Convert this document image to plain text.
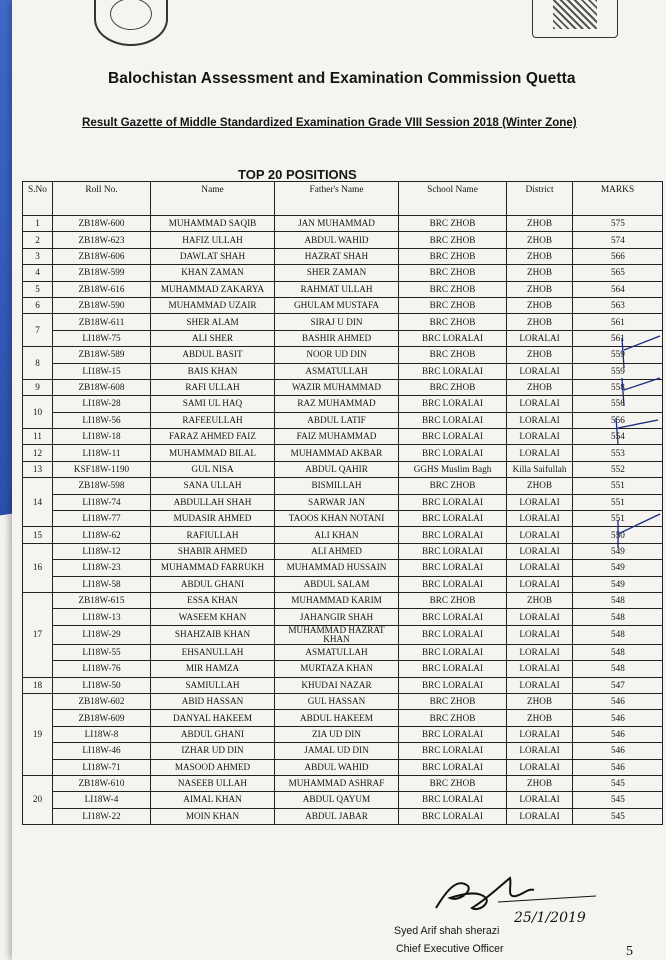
Balochistan Assessment and Examination Commission Quetta
Result Gazette of Middle Standardized Examination Grade VIII Session 2018 (Winter Zone)
TOP 20 POSITIONS
S.No	Roll No.	Name	Father's Name	School Name	District	MARKS
1	ZB18W-600	MUHAMMAD SAQIB	JAN MUHAMMAD	BRC ZHOB	ZHOB	575
2	ZB18W-623	HAFIZ ULLAH	ABDUL WAHID	BRC ZHOB	ZHOB	574
3	ZB18W-606	DAWLAT SHAH	HAZRAT SHAH	BRC ZHOB	ZHOB	566
4	ZB18W-599	KHAN ZAMAN	SHER ZAMAN	BRC ZHOB	ZHOB	565
5	ZB18W-616	MUHAMMAD ZAKARYA	RAHMAT ULLAH	BRC ZHOB	ZHOB	564
6	ZB18W-590	MUHAMMAD UZAIR	GHULAM MUSTAFA	BRC ZHOB	ZHOB	563
7	ZB18W-611	SHER ALAM	SIRAJ U DIN	BRC ZHOB	ZHOB	561
	LI18W-75	ALI SHER	BASHIR AHMED	BRC LORALAI	LORALAI	561
8	ZB18W-589	ABDUL BASIT	NOOR UD DIN	BRC ZHOB	ZHOB	559
	LI18W-15	BAIS KHAN	ASMATULLAH	BRC LORALAI	LORALAI	559
9	ZB18W-608	RAFI ULLAH	WAZIR MUHAMMAD	BRC ZHOB	ZHOB	558
10	LI18W-28	SAMI UL HAQ	RAZ MUHAMMAD	BRC LORALAI	LORALAI	556
	LI18W-56	RAFEEULLAH	ABDUL LATIF	BRC LORALAI	LORALAI	556
11	LI18W-18	FARAZ AHMED FAIZ	FAIZ MUHAMMAD	BRC LORALAI	LORALAI	554
12	LI18W-11	MUHAMMAD BILAL	MUHAMMAD AKBAR	BRC LORALAI	LORALAI	553
13	KSF18W-1190	GUL NISA	ABDUL QAHIR	GGHS Muslim Bagh	Killa Saifullah	552
14	ZB18W-598	SANA ULLAH	BISMILLAH	BRC ZHOB	ZHOB	551
	LI18W-74	ABDULLAH SHAH	SARWAR JAN	BRC LORALAI	LORALAI	551
	LI18W-77	MUDASIR AHMED	TAOOS KHAN NOTANI	BRC LORALAI	LORALAI	551
15	LI18W-62	RAFIULLAH	ALI KHAN	BRC LORALAI	LORALAI	550
16	LI18W-12	SHABIR AHMED	ALI AHMED	BRC LORALAI	LORALAI	549
	LI18W-23	MUHAMMAD FARRUKH	MUHAMMAD HUSSAIN	BRC LORALAI	LORALAI	549
	LI18W-58	ABDUL GHANI	ABDUL SALAM	BRC LORALAI	LORALAI	549
17	ZB18W-615	ESSA KHAN	MUHAMMAD KARIM	BRC ZHOB	ZHOB	548
	LI18W-13	WASEEM KHAN	JAHANGIR SHAH	BRC LORALAI	LORALAI	548
	LI18W-29	SHAHZAIB KHAN	MUHAMMAD HAZRAT KHAN	BRC LORALAI	LORALAI	548
	LI18W-55	EHSANULLAH	ASMATULLAH	BRC LORALAI	LORALAI	548
	LI18W-76	MIR HAMZA	MURTAZA KHAN	BRC LORALAI	LORALAI	548
18	LI18W-50	SAMIULLAH	KHUDAI NAZAR	BRC LORALAI	LORALAI	547
19	ZB18W-602	ABID HASSAN	GUL HASSAN	BRC ZHOB	ZHOB	546
	ZB18W-609	DANYAL HAKEEM	ABDUL HAKEEM	BRC ZHOB	ZHOB	546
	LI18W-8	ABDUL GHANI	ZIA UD DIN	BRC LORALAI	LORALAI	546
	LI18W-46	IZHAR UD DIN	JAMAL UD DIN	BRC LORALAI	LORALAI	546
	LI18W-71	MASOOD AHMED	ABDUL WAHID	BRC LORALAI	LORALAI	546
20	ZB18W-610	NASEEB ULLAH	MUHAMMAD ASHRAF	BRC ZHOB	ZHOB	545
	LI18W-4	AIMAL KHAN	ABDUL QAYUM	BRC LORALAI	LORALAI	545
	LI18W-22	MOIN KHAN	ABDUL JABAR	BRC LORALAI	LORALAI	545
25/1/2019
Syed Arif shah sherazi
Chief Executive Officer	5
